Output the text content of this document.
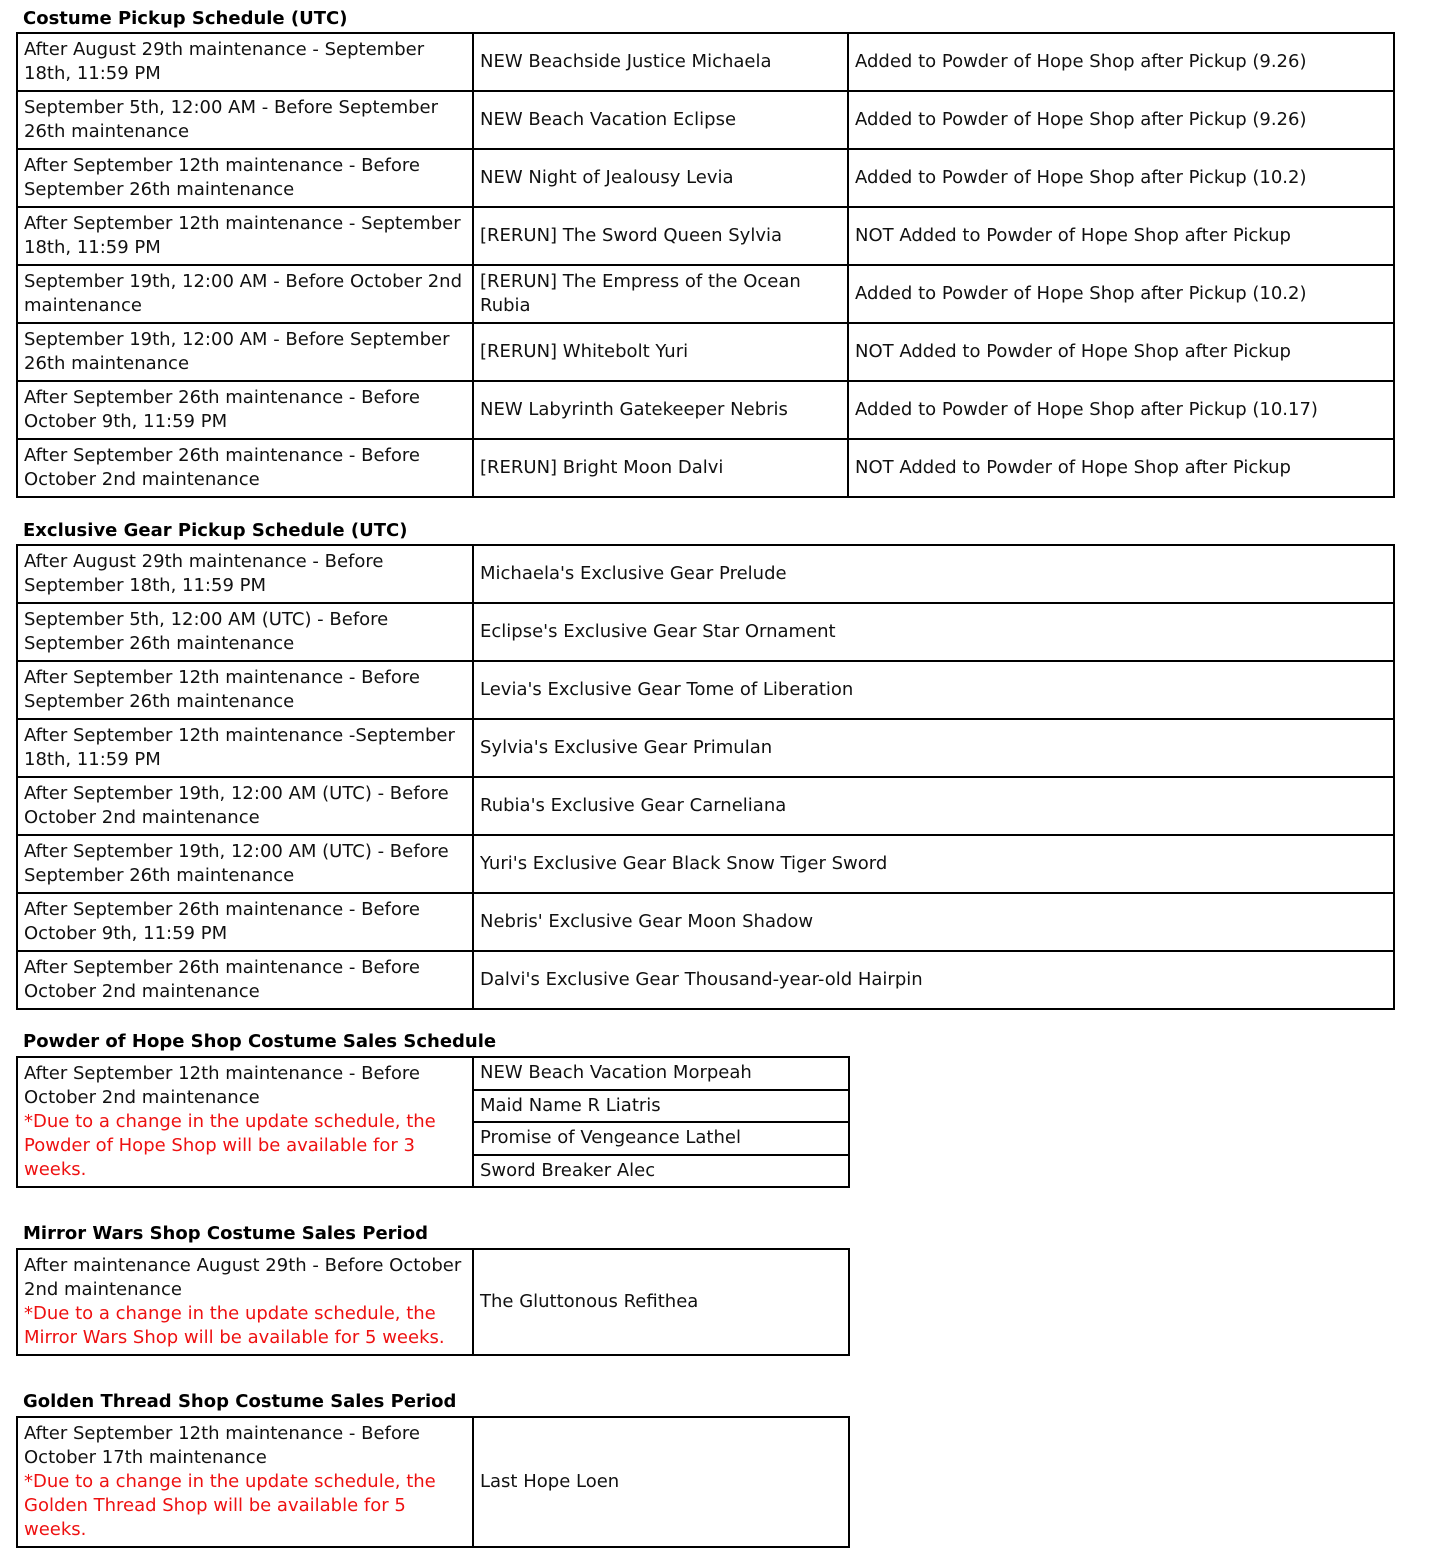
Costume Pickup Schedule (UTC)
After August 29th maintenance - September 18th, 11:59 PM	NEW Beachside Justice Michaela	Added to Powder of Hope Shop after Pickup (9.26)
September 5th, 12:00 AM - Before September 26th maintenance	NEW Beach Vacation Eclipse	Added to Powder of Hope Shop after Pickup (9.26)
After September 12th maintenance - Before September 26th maintenance	NEW Night of Jealousy Levia	Added to Powder of Hope Shop after Pickup (10.2)
After September 12th maintenance - September 18th, 11:59 PM	[RERUN] The Sword Queen Sylvia	NOT Added to Powder of Hope Shop after Pickup
September 19th, 12:00 AM - Before October 2nd maintenance	[RERUN] The Empress of the Ocean Rubia	Added to Powder of Hope Shop after Pickup (10.2)
September 19th, 12:00 AM - Before September 26th maintenance	[RERUN] Whitebolt Yuri	NOT Added to Powder of Hope Shop after Pickup
After September 26th maintenance - Before October 9th, 11:59 PM	NEW Labyrinth Gatekeeper Nebris	Added to Powder of Hope Shop after Pickup (10.17)
After September 26th maintenance - Before October 2nd maintenance	[RERUN] Bright Moon Dalvi	NOT Added to Powder of Hope Shop after Pickup
Exclusive Gear Pickup Schedule (UTC)
After August 29th maintenance - Before September 18th, 11:59 PM	Michaela's Exclusive Gear Prelude
September 5th, 12:00 AM (UTC) - Before September 26th maintenance	Eclipse's Exclusive Gear Star Ornament
After September 12th maintenance - Before September 26th maintenance	Levia's Exclusive Gear Tome of Liberation
After September 12th maintenance -September 18th, 11:59 PM	Sylvia's Exclusive Gear Primulan
After September 19th, 12:00 AM (UTC) - Before October 2nd maintenance	Rubia's Exclusive Gear Carneliana
After September 19th, 12:00 AM (UTC) - Before September 26th maintenance	Yuri's Exclusive Gear Black Snow Tiger Sword
After September 26th maintenance - Before October 9th, 11:59 PM	Nebris' Exclusive Gear Moon Shadow
After September 26th maintenance - Before October 2nd maintenance	Dalvi's Exclusive Gear Thousand-year-old Hairpin
Powder of Hope Shop Costume Sales Schedule
After September 12th maintenance - Before October 2nd maintenance
*Due to a change in the update schedule, the Powder of Hope Shop will be available for 3 weeks.
	NEW Beach Vacation Morpeah
Maid Name R Liatris
Promise of Vengeance Lathel
Sword Breaker Alec
Mirror Wars Shop Costume Sales Period
After maintenance August 29th - Before October 2nd maintenance
*Due to a change in the update schedule, the Mirror Wars Shop will be available for 5 weeks.
	The Gluttonous Refithea
Golden Thread Shop Costume Sales Period
After September 12th maintenance - Before October 17th maintenance
*Due to a change in the update schedule, the Golden Thread Shop will be available for 5 weeks.
	Last Hope Loen
